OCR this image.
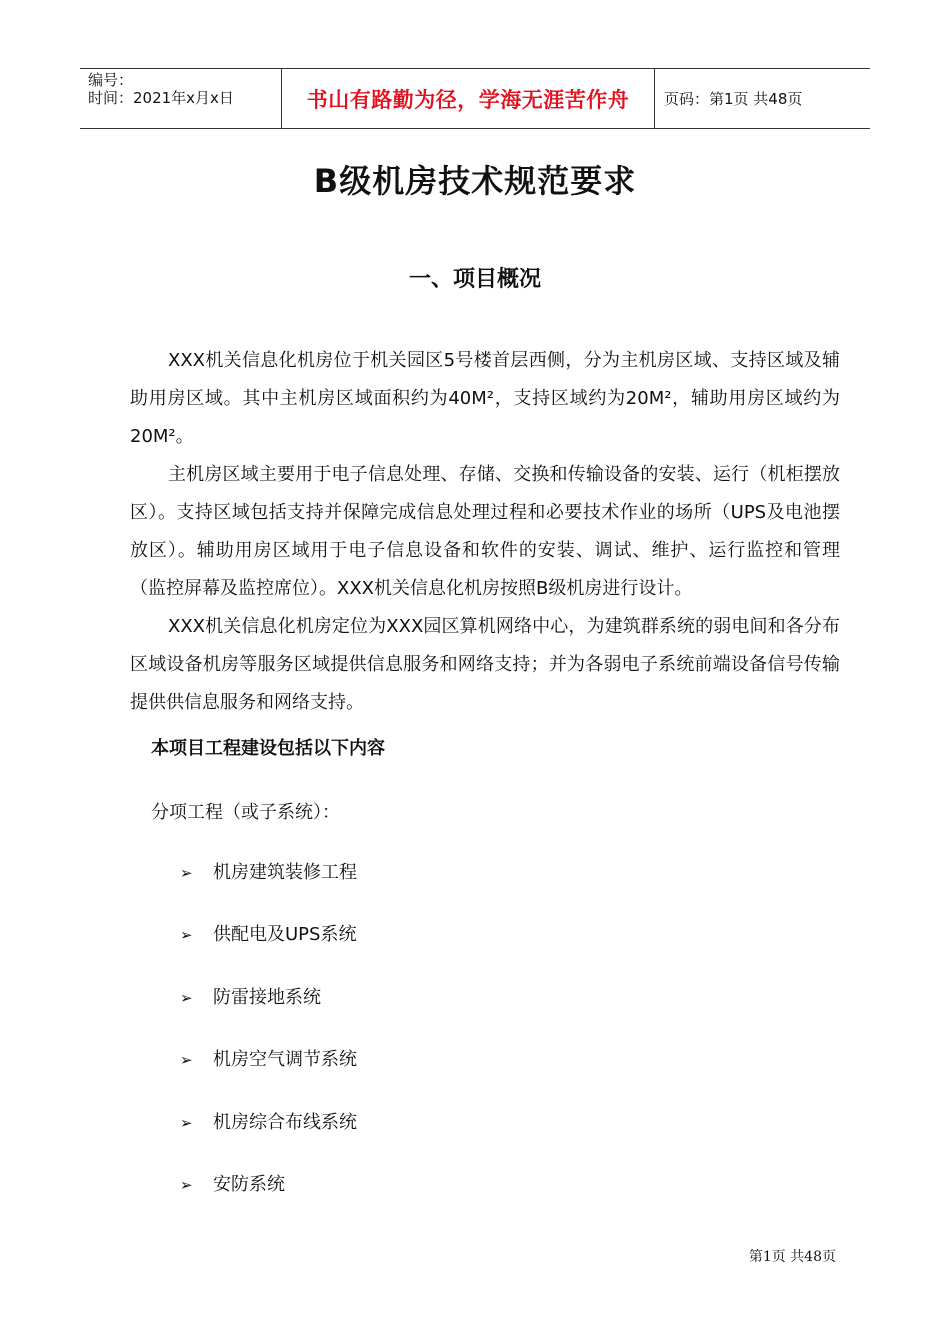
编号：
时间：2021年x月x日	书山有路勤为径，学海无涯苦作舟	页码：第1页 共48页
B级机房技术规范要求
一、项目概况

XXX机关信息化机房位于机关园区5号楼首层西侧，分为主机房区域、支持区域及辅助用房区域。其中主机房区域面积约为40M²，支持区域约为20M²，辅助用房区域约为20M²。

主机房区域主要用于电子信息处理、存储、交换和传输设备的安装、运行（机柜摆放区）。支持区域包括支持并保障完成信息处理过程和必要技术作业的场所（UPS及电池摆放区）。辅助用房区域用于电子信息设备和软件的安装、调试、维护、运行监控和管理（监控屏幕及监控席位）。XXX机关信息化机房按照B级机房进行设计。

XXX机关信息化机房定位为XXX园区算机网络中心，为建筑群系统的弱电间和各分布区域设备机房等服务区域提供信息服务和网络支持；并为各弱电子系统前端设备信号传输提供供信息服务和网络支持。

本项目工程建设包括以下内容
分项工程（或子系统）：
➢	机房建筑装修工程
➢	供配电及UPS系统
➢	防雷接地系统
➢	机房空气调节系统
➢	机房综合布线系统
➢	安防系统
第1页 共48页
